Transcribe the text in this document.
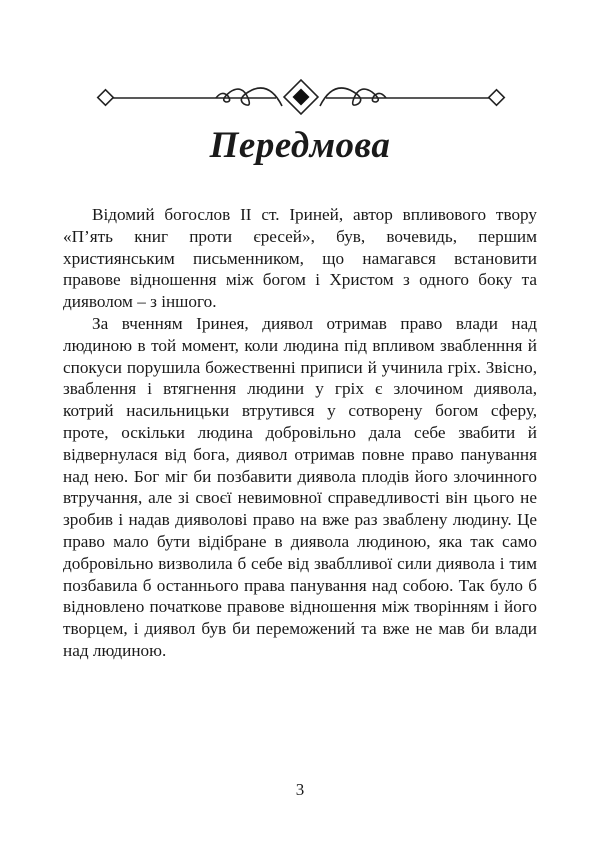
Передмова
Відомий богослов II ст. Іриней, автор впливового твору
«П’ять книг проти єресей», був, вочевидь, першим
християнським письменником, що намагався встановити
правове відношення між богом і Христом з одного боку та
дияволом – з іншого.
За вченням Іринея, диявол отримав право влади над
людиною в той момент, коли людина під впливом звабленння й
спокуси порушила божественні приписи й учинила гріх. Звісно,
зваблення і втягнення людини у гріх є злочином диявола,
котрий насильницьки втрутився у сотворену богом сферу,
проте, оскільки людина добровільно дала себе звабити й
відвернулася від бога, диявол отримав повне право панування
над нею. Бог міг би позбавити диявола плодів його злочинного
втручання, але зі своєї невимовної справедливості він цього не
зробив і надав дияволові право на вже раз зваблену людину. Це
право мало бути відібране в диявола людиною, яка так само
добровільно визволила б себе від зваблливої сили диявола і тим
позбавила б останнього права панування над собою. Так було б
відновлено початкове правове відношення між творінням і його
творцем, і диявол був би переможений та вже не мав би влади
над людиною.
3
